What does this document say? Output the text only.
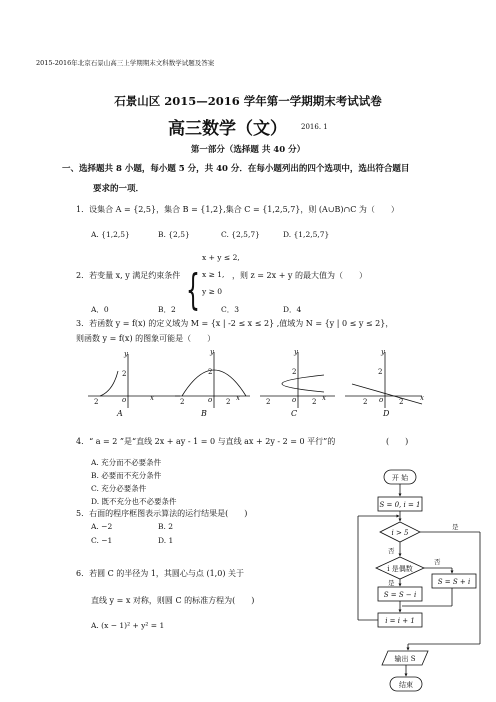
2015-2016年北京石景山高三上学期期末文科数学试题及答案
石景山区 2015—2016 学年第一学期期末考试试卷
高三数学（文） 2016. 1
第一部分（选择题 共 40 分）
一、选择题共 8 小题，每小题 5 分，共 40 分．在每小题列出的四个选项中，选出符合题目
要求的一项．
1．设集合 A = {2,5}，集合 B = {1,2},集合 C = {1,2,5,7}，则 (A∪B)∩C 为（　　）
A. {1,2,5}	B. {2,5}	C. {2,5,7}	D. {1,2,5,7}
2．若变量 x, y 满足约束条件 {
x + y ≤ 2,
x ≥ 1,
y ≥ 0
，则 z = 2x + y 的最大值为（　　）
A．0	B．2	C．3	D．4
3．若函数 y = f(x) 的定义域为 M = {x | -2 ≤ x ≤ 2} ,值域为 N = {y | 0 ≤ y ≤ 2}，
则函数 y = f(x) 的图象可能是（　　）
y	y	y	y
x	x	x	x
o	o	o	o
2
2
2
2	2
2
2	2
2
2	2
A	B	C	D
4．“ a = 2 ”是“直线 2x + ay - 1 = 0 与直线 ax + 2y - 2 = 0 平行”的	(　　)
A. 充分而不必要条件
B. 必要而不充分条件
C. 充分必要条件
D. 既不充分也不必要条件
5．右面的程序框图表示算法的运行结果是(　　)
A. −2	B. 2
C. −1	D. 1
6．若圆 C 的半径为 1，其圆心与点 (1,0) 关于
直线 y = x 对称，则圆 C 的标准方程为(　　)
A. (x − 1)² + y² = 1
开 始
S = 0, i = 1
i > 5
i 是偶数
S = S − i
S = S + i
i = i + 1
输出 S
结束
是
否
否
是
